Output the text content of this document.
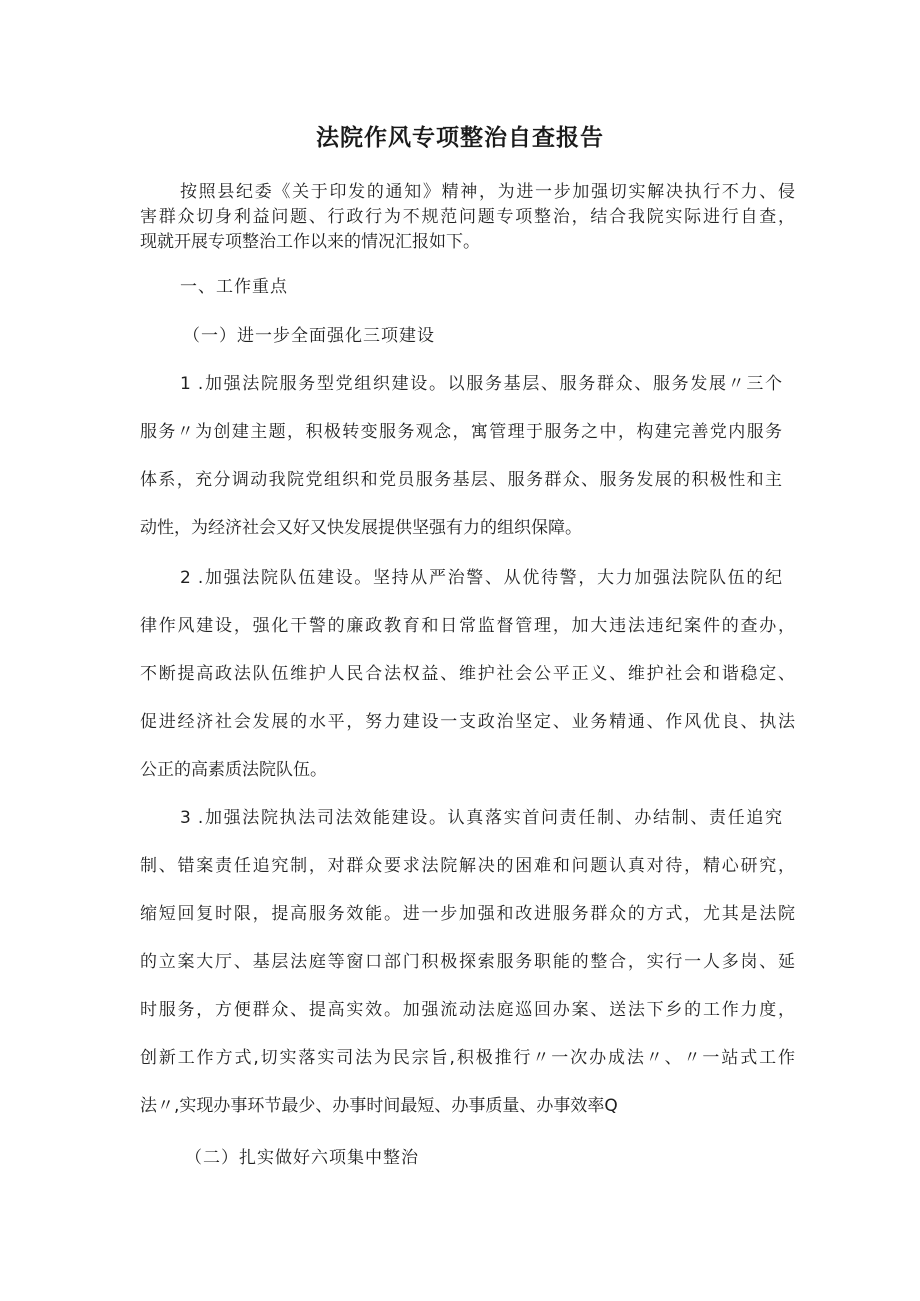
法院作风专项整治自查报告
按照县纪委《关于印发的通知》精神，为进一步加强切实解决执行不力、侵
害群众切身利益问题、行政行为不规范问题专项整治，结合我院实际进行自查，
现就开展专项整治工作以来的情况汇报如下。
一、工作重点
（一）进一步全面强化三项建设
1 .加强法院服务型党组织建设。以服务基层、服务群众、服务发展〃三个
服务〃为创建主题，积极转变服务观念，寓管理于服务之中，构建完善党内服务
体系，充分调动我院党组织和党员服务基层、服务群众、服务发展的积极性和主
动性，为经济社会又好又快发展提供坚强有力的组织保障。
2 .加强法院队伍建设。坚持从严治警、从优待警，大力加强法院队伍的纪
律作风建设，强化干警的廉政教育和日常监督管理，加大违法违纪案件的查办，
不断提高政法队伍维护人民合法权益、维护社会公平正义、维护社会和谐稳定、
促进经济社会发展的水平，努力建设一支政治坚定、业务精通、作风优良、执法
公正的高素质法院队伍。
3 .加强法院执法司法效能建设。认真落实首问责任制、办结制、责任追究
制、错案责任追究制，对群众要求法院解决的困难和问题认真对待，精心研究，
缩短回复时限，提高服务效能。进一步加强和改进服务群众的方式，尤其是法院
的立案大厅、基层法庭等窗口部门积极探索服务职能的整合，实行一人多岗、延
时服务，方便群众、提高实效。加强流动法庭巡回办案、送法下乡的工作力度，
创新工作方式,切实落实司法为民宗旨,积极推行〃一次办成法〃、〃一站式工作
法〃,实现办事环节最少、办事时间最短、办事质量、办事效率Q
（二）扎实做好六项集中整治
